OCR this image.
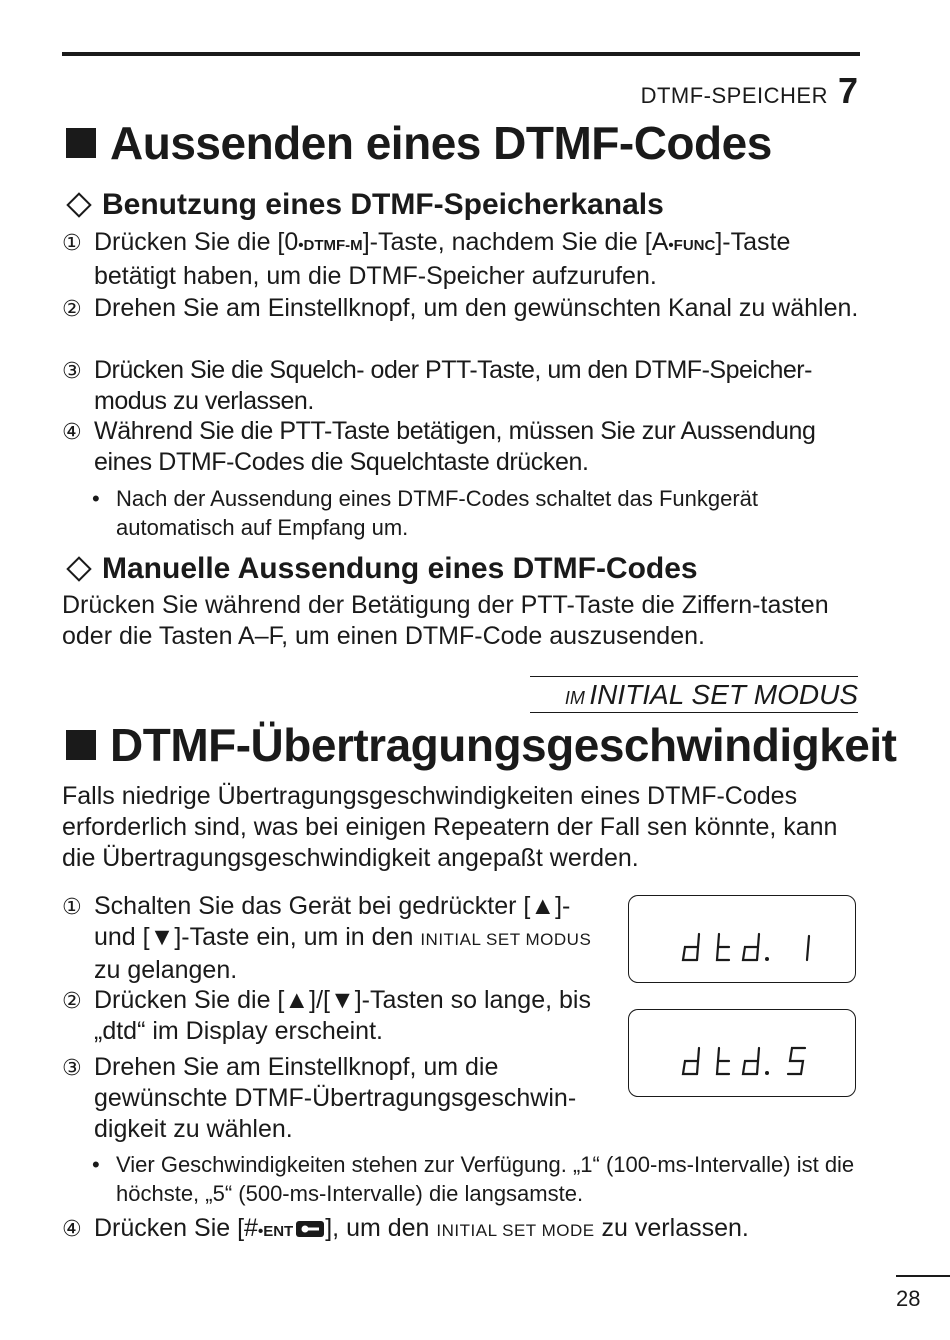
DTMF-SPEICHER 7
Aussenden eines DTMF-Codes
Benutzung eines DTMF-Speicherkanals
① Drücken Sie die [0•DTMF-M]-Taste, nachdem Sie die [A•FUNC]-Taste betätigt haben, um die DTMF-Speicher aufzurufen.
② Drehen Sie am Einstellknopf, um den gewünschten Kanal zu wählen.
③ Drücken Sie die Squelch- oder PTT-Taste, um den DTMF-Speicher-modus zu verlassen.
④ Während Sie die PTT-Taste betätigen, müssen Sie zur Aussendung eines DTMF-Codes die Squelchtaste drücken.
• Nach der Aussendung eines DTMF-Codes schaltet das Funkgerät automatisch auf Empfang um.
Manuelle Aussendung eines DTMF-Codes
Drücken Sie während der Betätigung der PTT-Taste die Ziffern-tasten oder die Tasten A–F, um einen DTMF-Code auszusenden.
IM INITIAL SET MODUS
DTMF-Übertragungsgeschwindigkeit
Falls niedrige Übertragungsgeschwindigkeiten eines DTMF-Codes erforderlich sind, was bei einigen Repeatern der Fall sen könnte, kann die Übertragungsgeschwindigkeit angepaßt werden.
① Schalten Sie das Gerät bei gedrückter [▲]-und [▼]-Taste ein, um in den INITIAL SET MODUS zu gelangen.
② Drücken Sie die [▲]/[▼]-Tasten so lange, bis „dtd“ im Display erscheint.
③ Drehen Sie am Einstellknopf, um die gewünschte DTMF-Übertragungsgeschwin-digkeit zu wählen.
• Vier Geschwindigkeiten stehen zur Verfügung. „1“ (100-ms-Intervalle) ist die höchste, „5“ (500-ms-Intervalle) die langsamste.
④ Drücken Sie [#•ENT ], um den INITIAL SET MODE zu verlassen.
28
